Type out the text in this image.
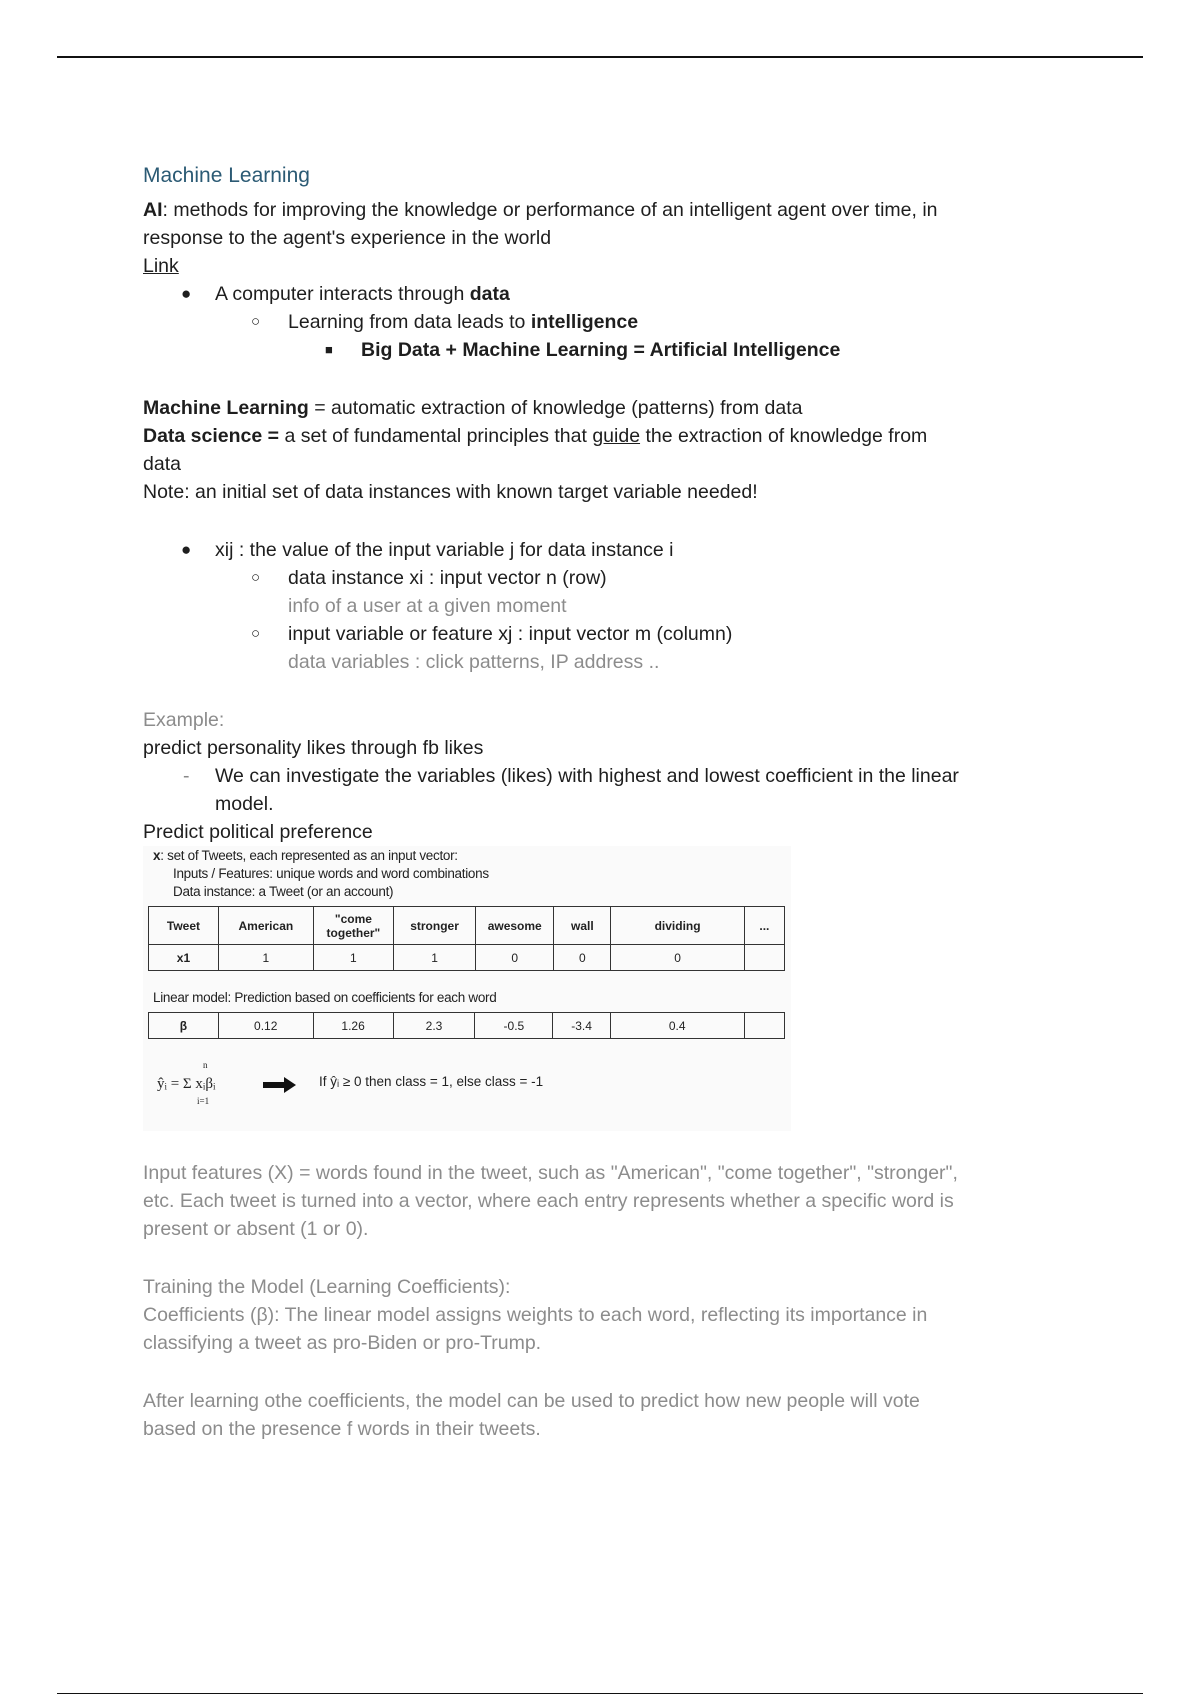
Machine Learning
AI: methods for improving the knowledge or performance of an intelligent agent over time, in
response to the agent's experience in the world
Link
● A computer interacts through data
○ Learning from data leads to intelligence
■ Big Data + Machine Learning = Artificial Intelligence
Machine Learning = automatic extraction of knowledge (patterns) from data
Data science = a set of fundamental principles that guide the extraction of knowledge from
data
Note: an initial set of data instances with known target variable needed!
● xij : the value of the input variable j for data instance i
○ data instance xi : input vector n (row)
info of a user at a given moment
○ input variable or feature xj : input vector m (column)
data variables : click patterns, IP address ..
Example:
predict personality likes through fb likes
- We can investigate the variables (likes) with highest and lowest coefficient in the linear
model.
Predict political preference
x: set of Tweets, each represented as an input vector:
Inputs / Features: unique words and word combinations
Data instance: a Tweet (or an account)
Tweet	American	"come together"	stronger	awesome	wall	dividing	...
x1	1	1	1	0	0	0	
Linear model: Prediction based on coefficients for each word
β	0.12	1.26	2.3	-0.5	-3.4	0.4	
n
ŷᵢ = Σ xᵢβᵢ
i=1
If ŷᵢ ≥ 0 then class = 1, else class = -1
Input features (X) = words found in the tweet, such as "American", "come together", "stronger",
etc. Each tweet is turned into a vector, where each entry represents whether a specific word is
present or absent (1 or 0).
Training the Model (Learning Coefficients):
Coefficients (β): The linear model assigns weights to each word, reflecting its importance in
classifying a tweet as pro-Biden or pro-Trump.
After learning othe coefficients, the model can be used to predict how new people will vote
based on the presence f words in their tweets.
